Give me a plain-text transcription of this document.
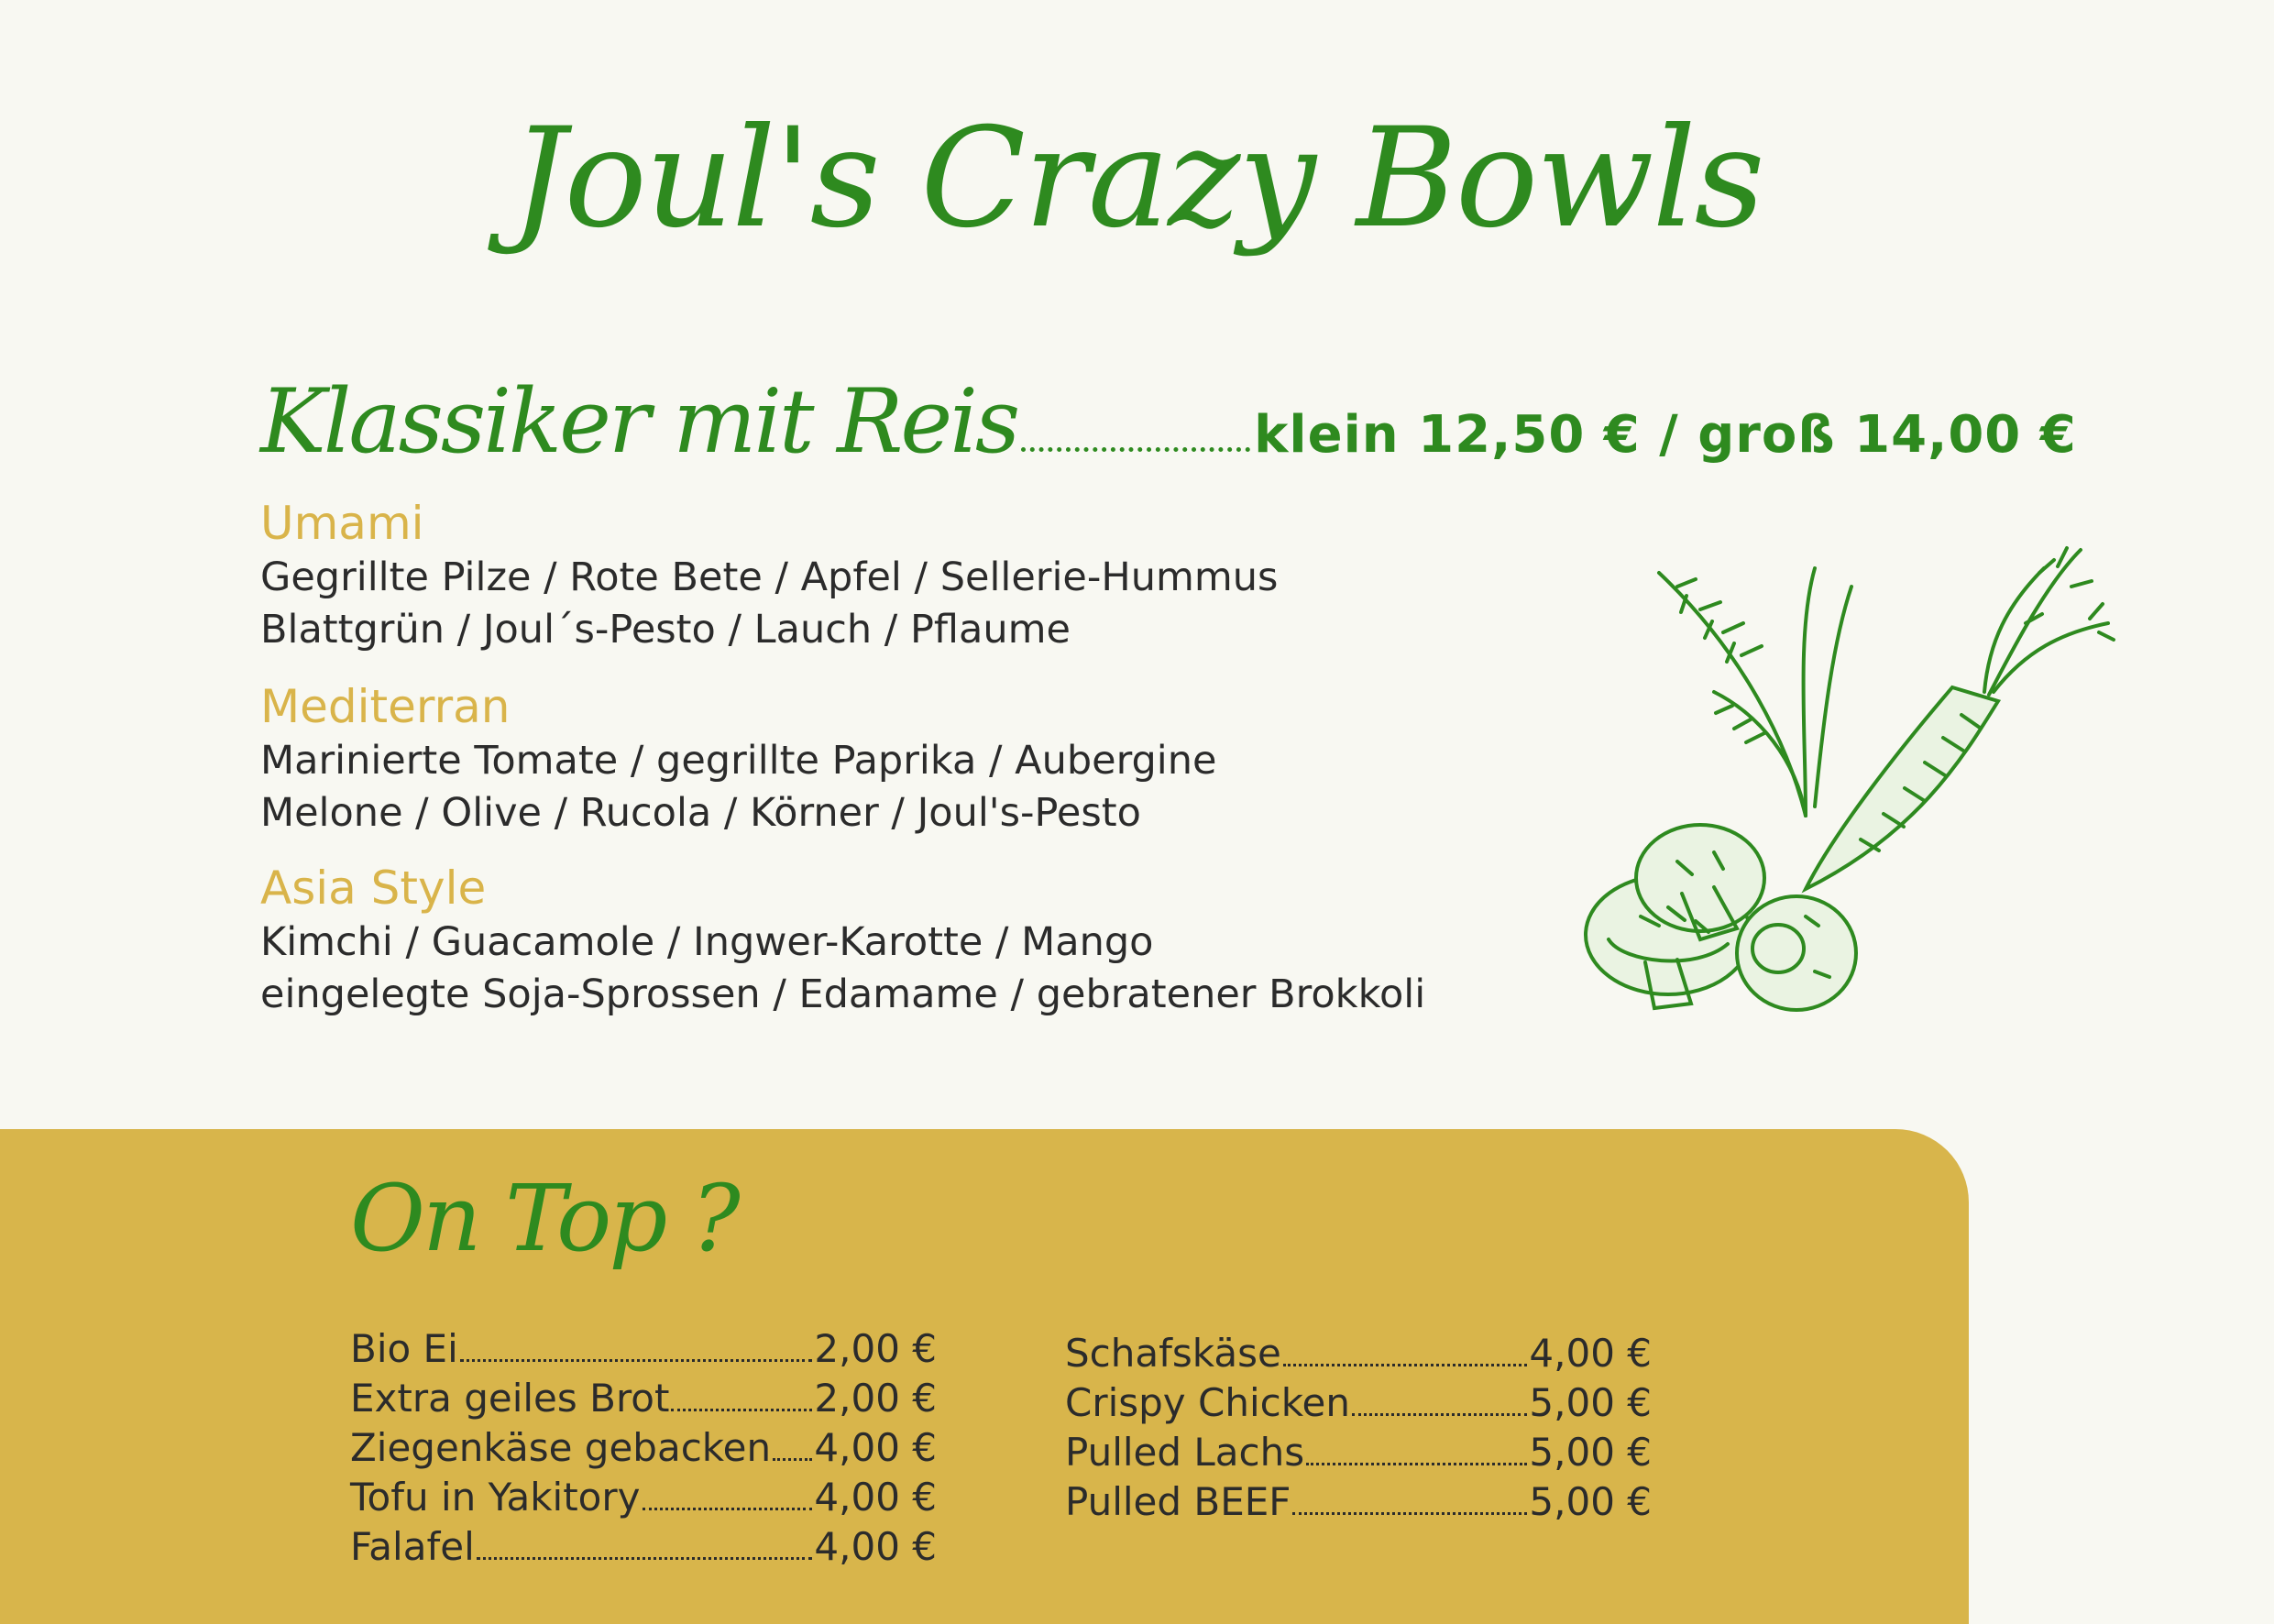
Joul's Crazy Bowls
Klassiker mit Reis	klein 12,50 € / groß 14,00 €
Umami
Gegrillte Pilze / Rote Bete / Apfel / Sellerie-Hummus
Blattgrün / Joul´s-Pesto / Lauch / Pflaume
Mediterran
Marinierte Tomate / gegrillte Paprika / Aubergine
Melone / Olive / Rucola / Körner / Joul's-Pesto
Asia Style
Kimchi / Guacamole / Ingwer-Karotte / Mango
eingelegte Soja-Sprossen / Edamame / gebratener Brokkoli
On Top ?
Bio Ei	2,00 €
Extra geiles Brot	2,00 €
Ziegenkäse gebacken 4,00 €
Tofu in Yakitory	4,00 €
Falafel	4,00 €
Schafskäse	4,00 €
Crispy Chicken	5,00 €
Pulled Lachs	5,00 €
Pulled BEEF	5,00 €
